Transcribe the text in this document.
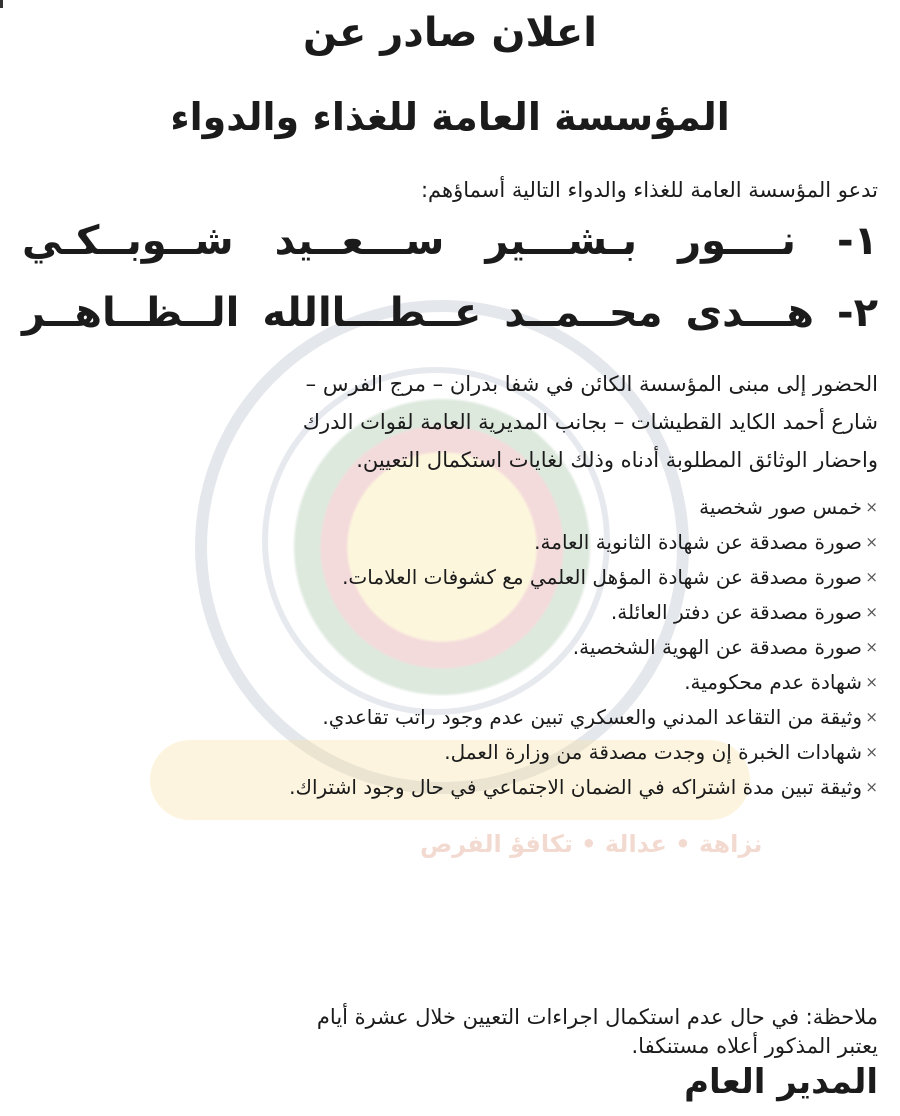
نزاهة • عدالة • تكافؤ الفرص
اعلان صادر عن
المؤسسة العامة للغذاء والدواء
تدعو المؤسسة العامة للغذاء والدواء التالية أسماؤهم:
١- نــــور بـشـــير ســـعــيد شــوبــكـي
٢- هـــدى محــمــد عــطـــاالله الــظــاهــر
الحضور إلى مبنى المؤسسة الكائن في شفا بدران – مرج الفرس –
شارع أحمد الكايد القطيشات – بجانب المديرية العامة لقوات الدرك
واحضار الوثائق المطلوبة أدناه وذلك لغايات استكمال التعيين.
×
خمس صور شخصية
×
صورة مصدقة عن شهادة الثانوية العامة.
×
صورة مصدقة عن شهادة المؤهل العلمي مع كشوفات العلامات.
×
صورة مصدقة عن دفتر العائلة.
×
صورة مصدقة عن الهوية الشخصية.
×
شهادة عدم محكومية.
×
وثيقة من التقاعد المدني والعسكري تبين عدم وجود راتب تقاعدي.
×
شهادات الخبرة إن وجدت مصدقة من وزارة العمل.
×
وثيقة تبين مدة اشتراكه في الضمان الاجتماعي في حال وجود اشتراك.
ملاحظة: في حال عدم استكمال اجراءات التعيين خلال عشرة أيام
يعتبر المذكور أعلاه مستنكفا.
المدير العام
